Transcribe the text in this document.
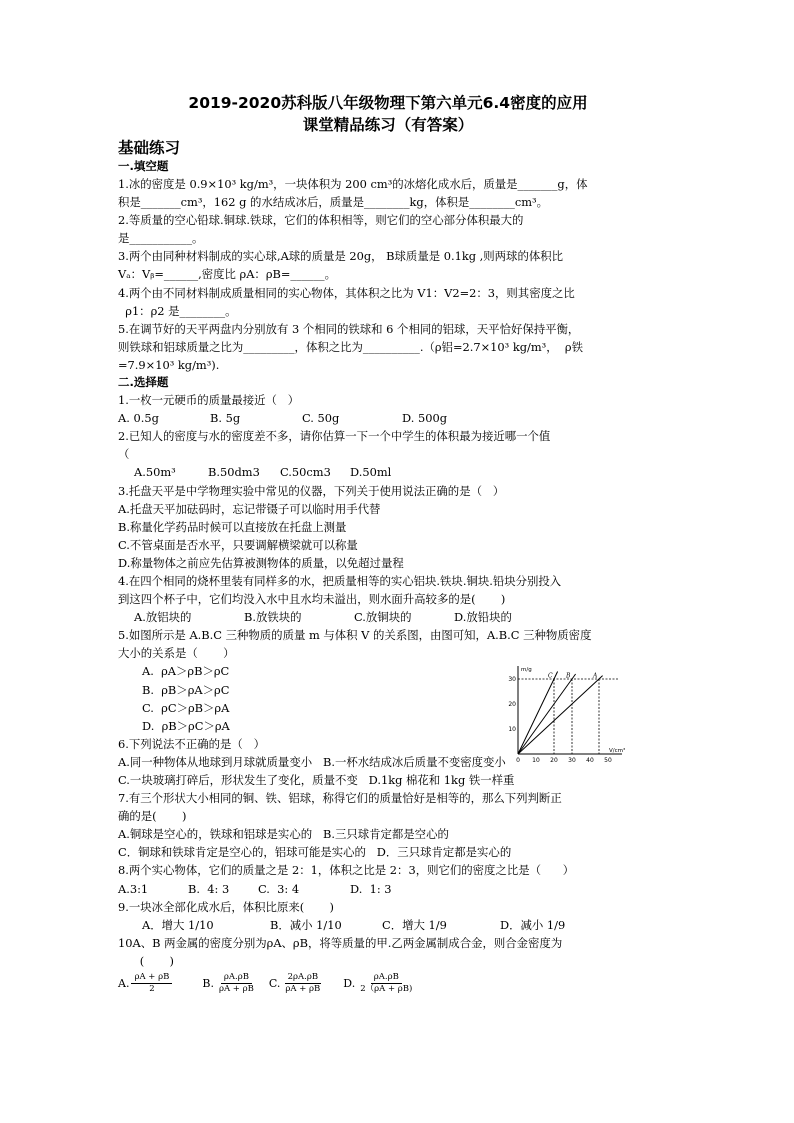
2019-2020苏科版八年级物理下第六单元6.4密度的应用
课堂精品练习（有答案）
基础练习
一.填空题
1.冰的密度是 0.9×10³ kg/m³，一块体积为 200 cm³的冰熔化成水后，质量是_______g，体
积是_______cm³，162 g 的水结成冰后，质量是________kg，体积是________cm³。
2.等质量的空心铅球.铜球.铁球，它们的体积相等，则它们的空心部分体积最大的
是___________。
3.两个由同种材料制成的实心球,A球的质量是 20g， B球质量是 0.1kg ,则两球的体积比
Vₐ：Vᵦ=______,密度比 ρA：ρB=______。
4.两个由不同材料制成质量相同的实心物体，其体积之比为 V1：V2=2：3，则其密度之比
ρ1：ρ2 是________。
5.在调节好的天平两盘内分别放有 3 个相同的铁球和 6 个相同的铝球，天平恰好保持平衡，
则铁球和铝球质量之比为_________，体积之比为__________.（ρ铝=2.7×10³ kg/m³，  ρ铁
=7.9×10³ kg/m³).
二.选择题
1.一枚一元硬币的质量最接近（   ）
A. 0.5g	B. 5g	C. 50g	D. 500g
2.已知人的密度与水的密度差不多，请你估算一下一个中学生的体积最为接近哪一个值
（
A.50m³	B.50dm3	C.50cm3	D.50ml
3.托盘天平是中学物理实验中常见的仪器，下列关于使用说法正确的是（   ）
A.托盘天平加砝码时，忘记带镊子可以临时用手代替
B.称量化学药品时候可以直接放在托盘上测量
C.不管桌面是否水平，只要调解横梁就可以称量
D.称量物体之前应先估算被测物体的质量，以免超过量程
4.在四个相同的烧杯里装有同样多的水，把质量相等的实心铝块.铁块.铜块.铅块分别投入
到这四个杯子中，它们均没入水中且水均未溢出，则水面升高较多的是(       )
A.放铝块的	B.放铁块的	C.放铜块的	D.放铅块的
5.如图所示是 A.B.C 三种物质的质量 m 与体积 V 的关系图，由图可知，A.B.C 三种物质密度
大小的关系是（       ）
A.  ρA＞ρB＞ρC
B.  ρB＞ρA＞ρC
C.  ρC＞ρB＞ρA
D.  ρB＞ρC＞ρA
6.下列说法不正确的是（   ）
A.同一种物体从地球到月球就质量变小   B.一杯水结成冰后质量不变密度变小
C.一块玻璃打碎后，形状发生了变化，质量不变   D.1kg 棉花和 1kg 铁一样重
7.有三个形状大小相同的铜、铁、铝球，称得它们的质量恰好是相等的，那么下列判断正
确的是(       )
A.铜球是空心的，铁球和铝球是实心的   B.三只球肯定都是空心的
C．铜球和铁球肯定是空心的，铝球可能是实心的   D．三只球肯定都是实心的
8.两个实心物体，它们的质量之是 2：1，体积之比是 2：3，则它们的密度之比是（      ）
A.3:1	B.  4: 3	C.  3: 4	D.  1: 3
9.一块冰全部化成水后，体积比原来(       )
A．增大 1/10	B．减小 1/10	C．增大 1/9	D．减小 1/9
10A、B 两金属的密度分别为ρA、ρB，将等质量的甲.乙两金属制成合金，则合金密度为
(       )
A. $\frac{\rho A + \rho B}{2}$	B. $\frac{\rho A.\rho B}{\rho A + \rho B} C$. $\frac{2\rho A.\rho B}{\rho A + \rho B} D$. $\frac{\rho A.\rho B}{2(\rho A + \rho B)}$
m/g
V/cm³
10
20
30
0 10 20 30 40 50
C B	A
